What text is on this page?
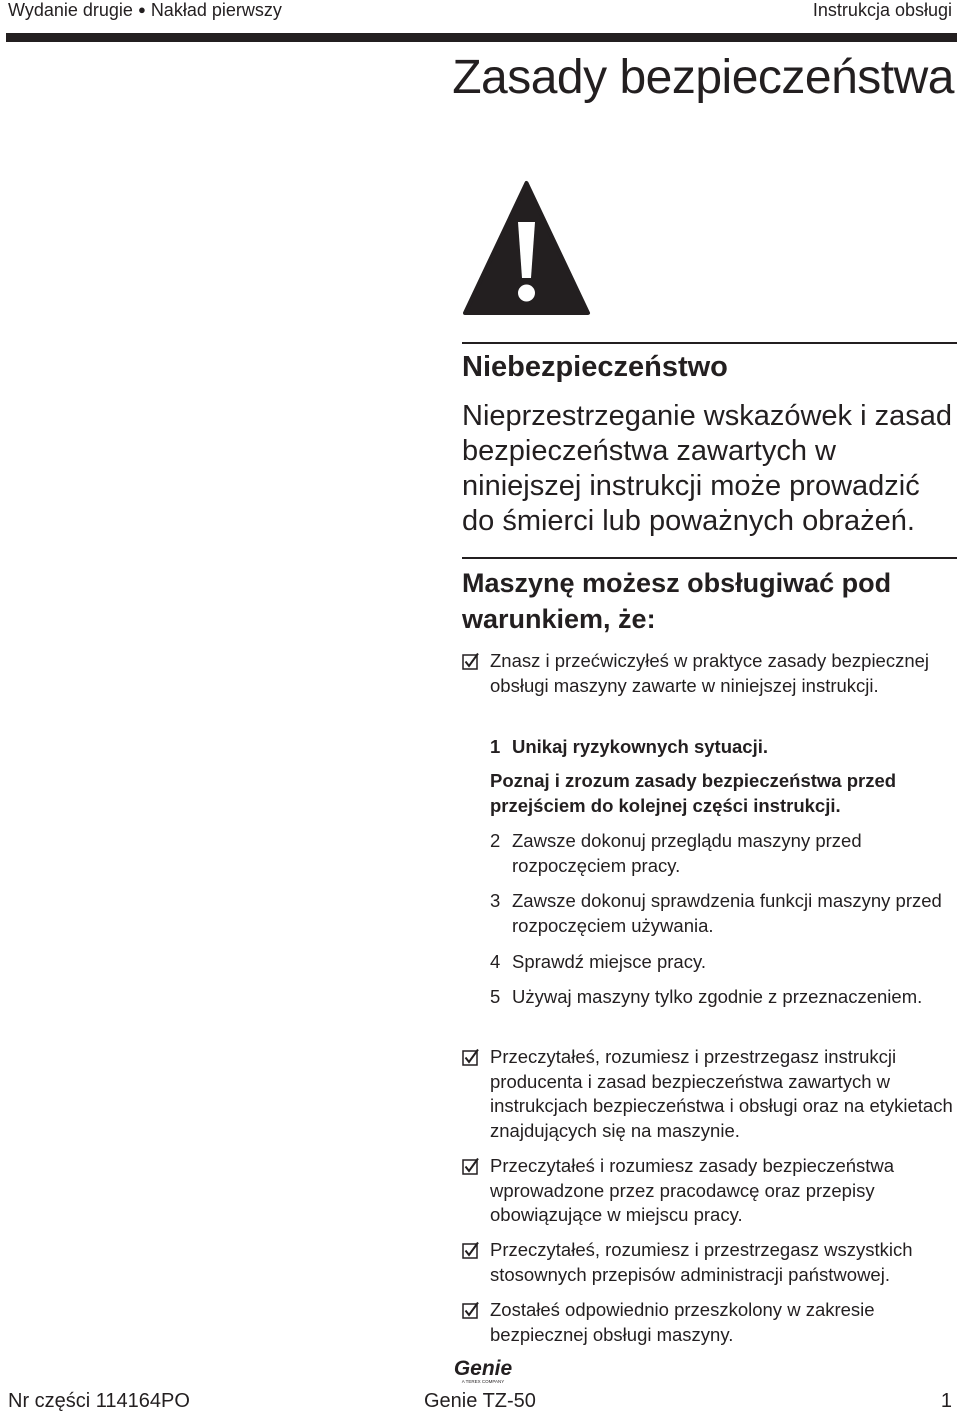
Wydanie drugie ● Nakład pierwszy	Instrukcja obsługi
Zasady bezpieczeństwa
Niebezpieczeństwo
Nieprzestrzeganie wskazówek i zasad bezpieczeństwa zawartych w niniejszej instrukcji może prowadzić do śmierci lub poważnych obrażeń.
Maszynę możesz obsługiwać pod warunkiem, że:
Znasz i przećwiczyłeś w praktyce zasady bezpiecznej obsługi maszyny zawarte w niniejszej instrukcji.
1 Unikaj ryzykownych sytuacji.
Poznaj i zrozum zasady bezpieczeństwa przed przejściem do kolejnej części instrukcji.
2 Zawsze dokonuj przeglądu maszyny przed rozpoczęciem pracy.
3 Zawsze dokonuj sprawdzenia funkcji maszyny przed rozpoczęciem używania.
4 Sprawdź miejsce pracy.
5 Używaj maszyny tylko zgodnie z przeznaczeniem.
Przeczytałeś, rozumiesz i przestrzegasz instrukcji producenta i zasad bezpieczeństwa zawartych w instrukcjach bezpieczeństwa i obsługi oraz na etykietach znajdujących się na maszynie.
Przeczytałeś i rozumiesz zasady bezpieczeństwa wprowadzone przez pracodawcę oraz przepisy obowiązujące w miejscu pracy.
Przeczytałeś, rozumiesz i przestrzegasz wszystkich stosownych przepisów administracji państwowej.
Zostałeś odpowiednio przeszkolony w zakresie bezpiecznej obsługi maszyny.
Genie
A TEREX COMPANY
Nr części 114164PO	Genie TZ-50	1
